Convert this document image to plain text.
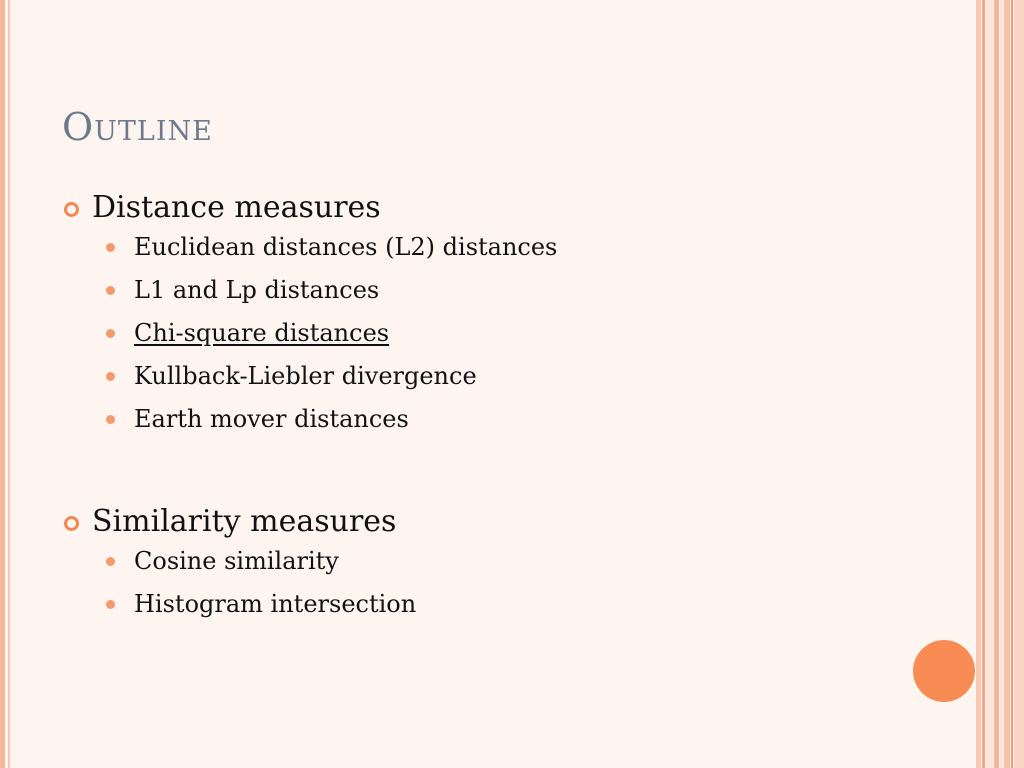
Outline
Distance measures
Euclidean distances (L2) distances
L1 and Lp distances
Chi-square distances
Kullback-Liebler divergence
Earth mover distances
Similarity measures
Cosine similarity
Histogram intersection
